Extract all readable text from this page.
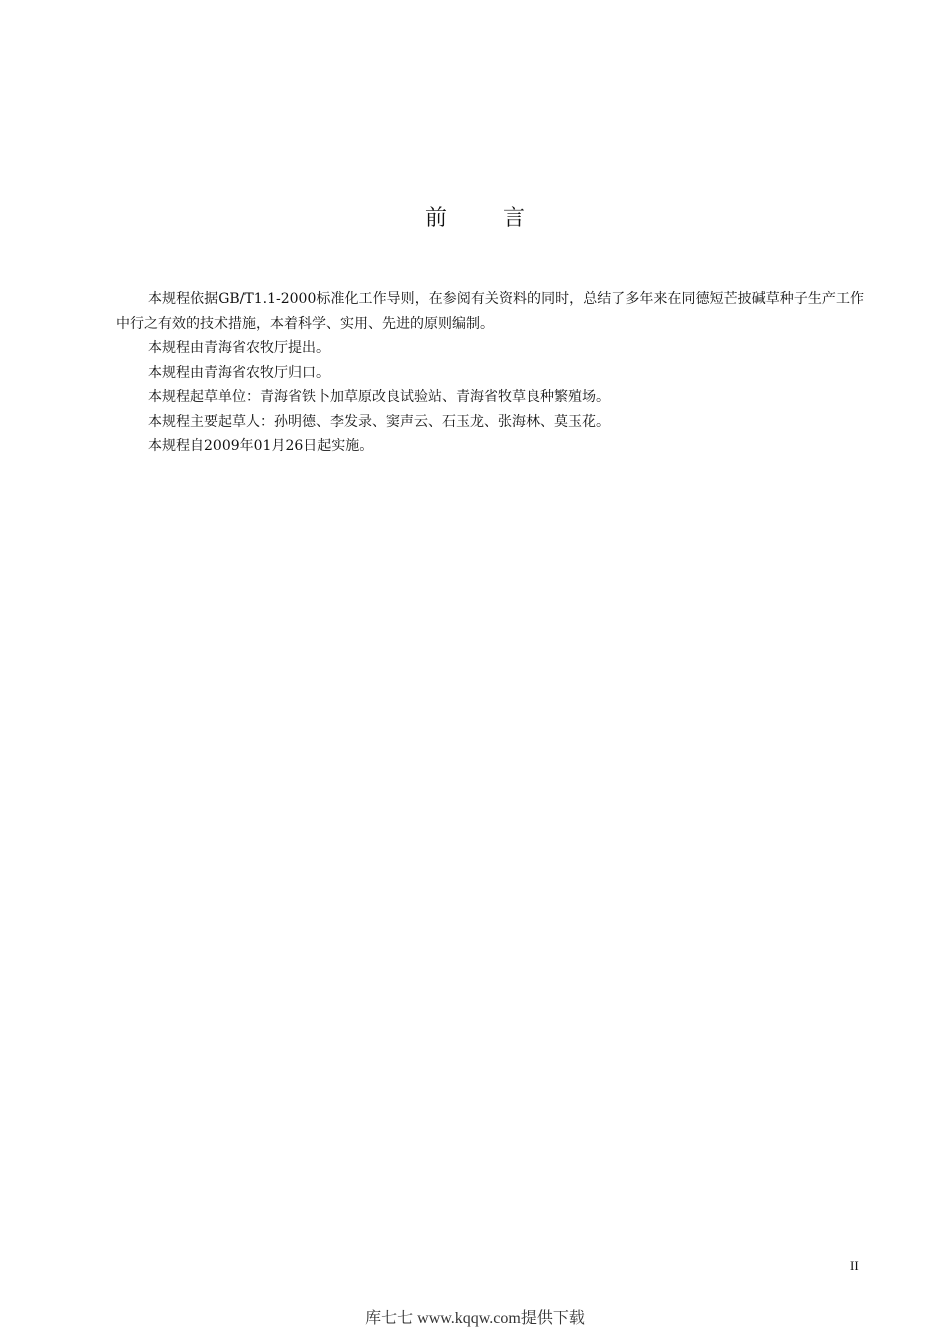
前	言

本规程依据GB/T1.1-2000标准化工作导则，在参阅有关资料的同时，总结了多年来在同德短芒披碱草种子生产工作中行之有效的技术措施，本着科学、实用、先进的原则编制。

本规程由青海省农牧厅提出。

本规程由青海省农牧厅归口。

本规程起草单位：青海省铁卜加草原改良试验站、青海省牧草良种繁殖场。

本规程主要起草人：孙明德、李发录、窦声云、石玉龙、张海林、莫玉花。

本规程自2009年01月26日起实施。

II
库七七 www.kqqw.com提供下载
